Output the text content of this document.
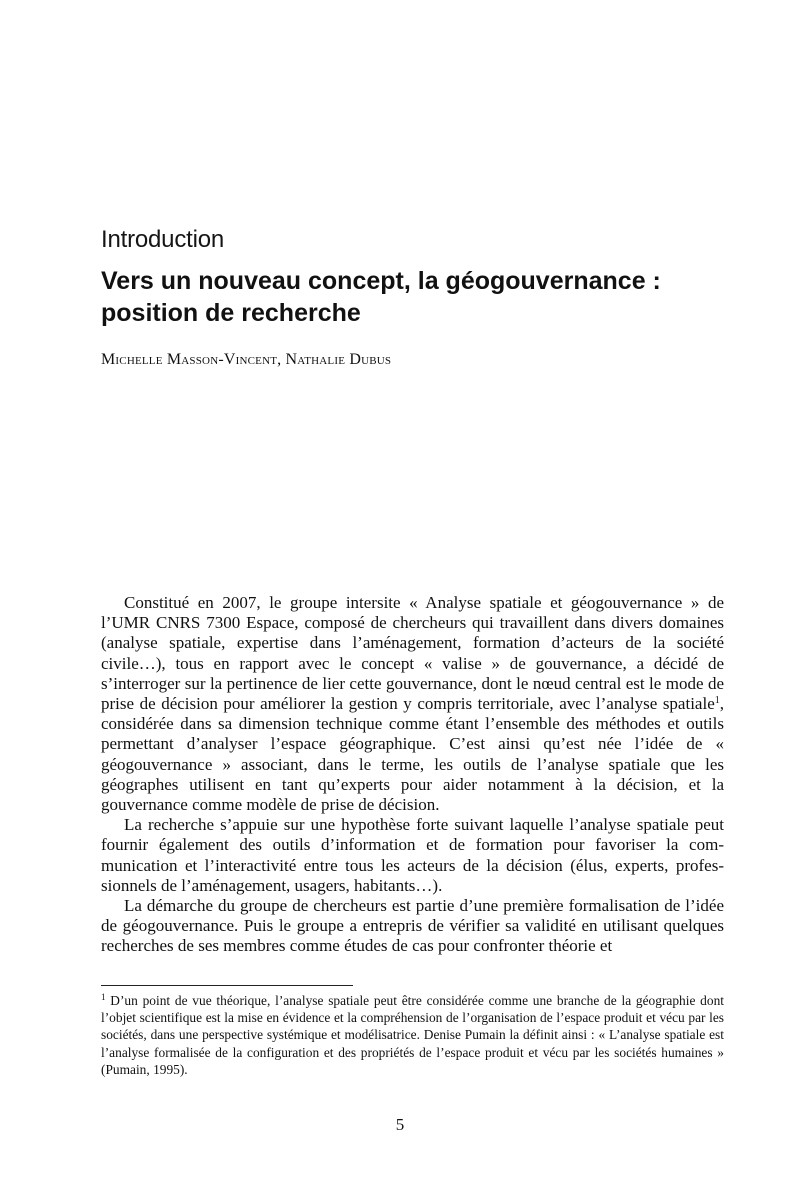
Introduction
Vers un nouveau concept, la géogouvernance :
position de recherche
Michelle Masson-Vincent, Nathalie Dubus

Constitué en 2007, le groupe intersite « Analyse spatiale et géogouvernance » de l’UMR CNRS 7300 Espace, composé de chercheurs qui travaillent dans divers domaines (analyse spatiale, expertise dans l’aménagement, formation d’acteurs de la société civile…), tous en rapport avec le concept « valise » de gouvernance, a décidé de s’interroger sur la pertinence de lier cette gouvernance, dont le nœud central est le mode de prise de décision pour améliorer la gestion y compris territoriale, avec l’analyse spatiale$^1$, considérée dans sa dimension technique comme étant l’ensemble des méthodes et outils permettant d’analyser l’espace géographique. C’est ainsi qu’est née l’idée de « géogouvernance » associant, dans le terme, les outils de l’analyse spatiale que les géographes utilisent en tant qu’experts pour aider notamment à la décision, et la gouvernance comme modèle de prise de décision.

La recherche s’appuie sur une hypothèse forte suivant laquelle l’analyse spatiale peut fournir également des outils d’information et de formation pour favoriser la communication et l’interactivité entre tous les acteurs de la décision (élus, experts, professionnels de l’aménagement, usagers, habitants…).

La démarche du groupe de chercheurs est partie d’une première formalisation de l’idée de géogouvernance. Puis le groupe a entrepris de vérifier sa validité en utilisant quelques recherches de ses membres comme études de cas pour confronter théorie et

$^1$ D’un point de vue théorique, l’analyse spatiale peut être considérée comme une branche de la géographie dont l’objet scientifique est la mise en évidence et la compréhension de l’organisation de l’espace produit et vécu par les sociétés, dans une perspective systémique et modélisatrice. Denise Pumain la définit ainsi : « L’analyse spatiale est l’analyse formalisée de la configuration et des propriétés de l’espace produit et vécu par les sociétés humaines » (Pumain, 1995).
5
